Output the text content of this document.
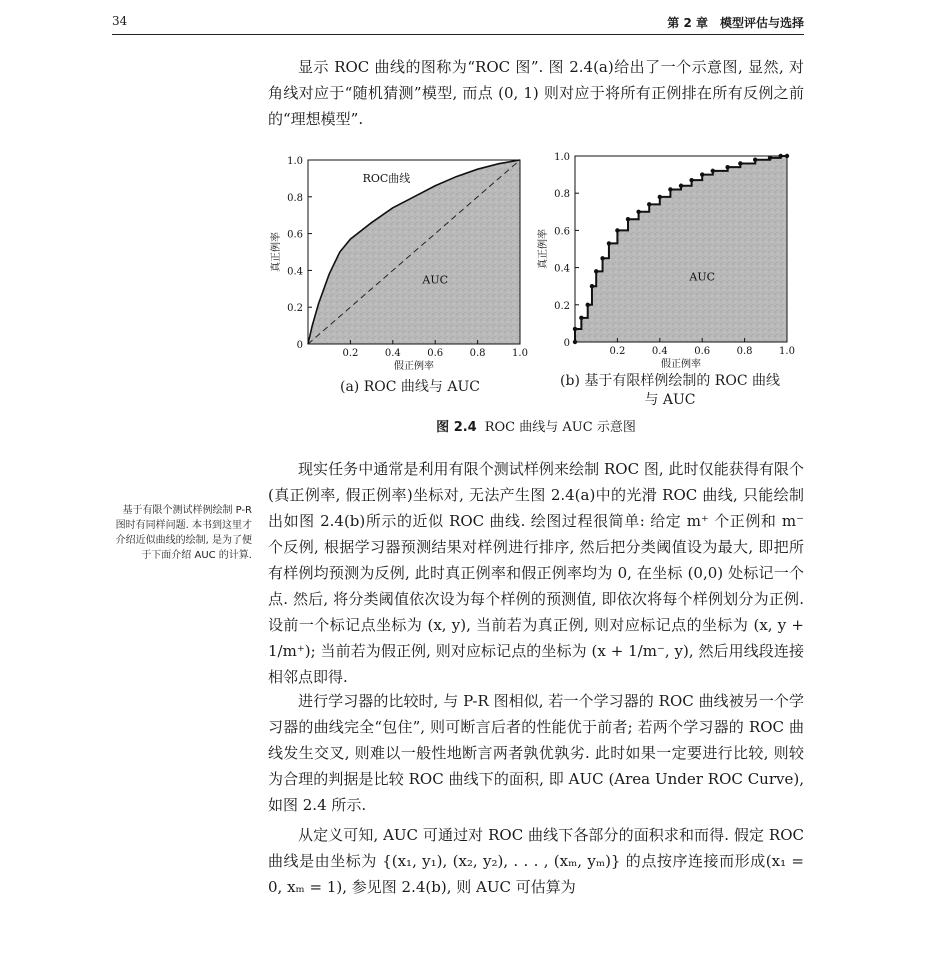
34	第 2 章　模型评估与选择

显示 ROC 曲线的图称为“ROC 图”. 图 2.4(a)给出了一个示意图, 显然, 对角线对应于“随机猜测”模型, 而点 (0, 1) 则对应于将所有正例排在所有反例之前的“理想模型”.

0.2	0.4	0.6	0.8	1.0
0
0.2
0.4
0.6
0.8
1.0
假正例率
真正例率
AUC
ROC曲线
0.2	0.4	0.6	0.8	1.0
0
0.2
0.4
0.6
0.8
1.0
假正例率
真正例率
AUC
(a) ROC 曲线与 AUC	(b) 基于有限样例绘制的 ROC 曲线
与 AUC
图 2.4 ROC 曲线与 AUC 示意图
基于有限个测试样例绘制 P-R 图时有同样问题. 本书到这里才介绍近似曲线的绘制, 是为了便于下面介绍 AUC 的计算.

现实任务中通常是利用有限个测试样例来绘制 ROC 图, 此时仅能获得有限个(真正例率, 假正例率)坐标对, 无法产生图 2.4(a)中的光滑 ROC 曲线, 只能绘制出如图 2.4(b)所示的近似 ROC 曲线. 绘图过程很简单: 给定 m⁺ 个正例和 m⁻ 个反例, 根据学习器预测结果对样例进行排序, 然后把分类阈值设为最大, 即把所有样例均预测为反例, 此时真正例率和假正例率均为 0, 在坐标 (0,0) 处标记一个点. 然后, 将分类阈值依次设为每个样例的预测值, 即依次将每个样例划分为正例. 设前一个标记点坐标为 (x, y), 当前若为真正例, 则对应标记点的坐标为 (x, y + 1/m⁺); 当前若为假正例, 则对应标记点的坐标为 (x + 1/m⁻, y), 然后用线段连接相邻点即得.

进行学习器的比较时, 与 P-R 图相似, 若一个学习器的 ROC 曲线被另一个学习器的曲线完全“包住”, 则可断言后者的性能优于前者; 若两个学习器的 ROC 曲线发生交叉, 则难以一般性地断言两者孰优孰劣. 此时如果一定要进行比较, 则较为合理的判据是比较 ROC 曲线下的面积, 即 AUC (Area Under ROC Curve), 如图 2.4 所示.

从定义可知, AUC 可通过对 ROC 曲线下各部分的面积求和而得. 假定 ROC 曲线是由坐标为 {(x₁, y₁), (x₂, y₂), . . . , (xₘ, yₘ)} 的点按序连接而形成(x₁ = 0, xₘ = 1), 参见图 2.4(b), 则 AUC 可估算为
